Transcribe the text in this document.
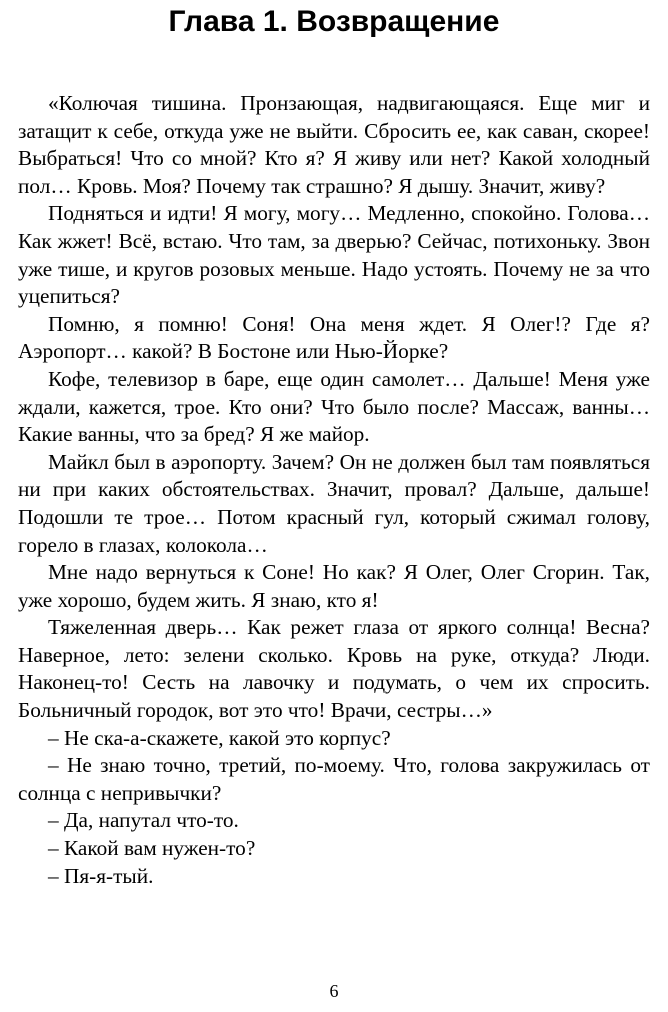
Глава 1. Возвращение

«Колючая тишина. Пронзающая, надвигающаяся. Еще миг и затащит к себе, откуда уже не выйти. Сбросить ее, как саван, скорее! Выбраться! Что со мной? Кто я? Я живу или нет? Какой холодный пол… Кровь. Моя? Почему так страшно? Я дышу. Значит, живу?

Подняться и идти! Я могу, могу… Медленно, спокойно. Голова… Как жжет! Всё, встаю. Что там, за дверью? Сейчас, потихоньку. Звон уже тише, и кругов розовых меньше. Надо устоять. Почему не за что уцепиться?

Помню, я помню! Соня! Она меня ждет. Я Олег!? Где я? Аэропорт… какой? В Бостоне или Нью-Йорке?

Кофе, телевизор в баре, еще один самолет… Дальше! Меня уже ждали, кажется, трое. Кто они? Что было после? Массаж, ванны… Какие ванны, что за бред? Я же майор.

Майкл был в аэропорту. Зачем? Он не должен был там появляться ни при каких обстоятельствах. Значит, провал? Дальше, дальше! Подошли те трое… Потом красный гул, который сжимал голову, горело в глазах, колокола…

Мне надо вернуться к Соне! Но как? Я Олег, Олег Сгорин. Так, уже хорошо, будем жить. Я знаю, кто я!

Тяжеленная дверь… Как режет глаза от яркого солнца! Весна? Наверное, лето: зелени сколько. Кровь на руке, откуда? Люди. Наконец-то! Сесть на лавочку и подумать, о чем их спросить. Больничный городок, вот это что! Врачи, сестры…»

– Не ска-а-скажете, какой это корпус?

– Не знаю точно, третий, по-моему. Что, голова закружилась от солнца с непривычки?

– Да, напутал что-то.

– Какой вам нужен-то?

– Пя-я-тый.

6
